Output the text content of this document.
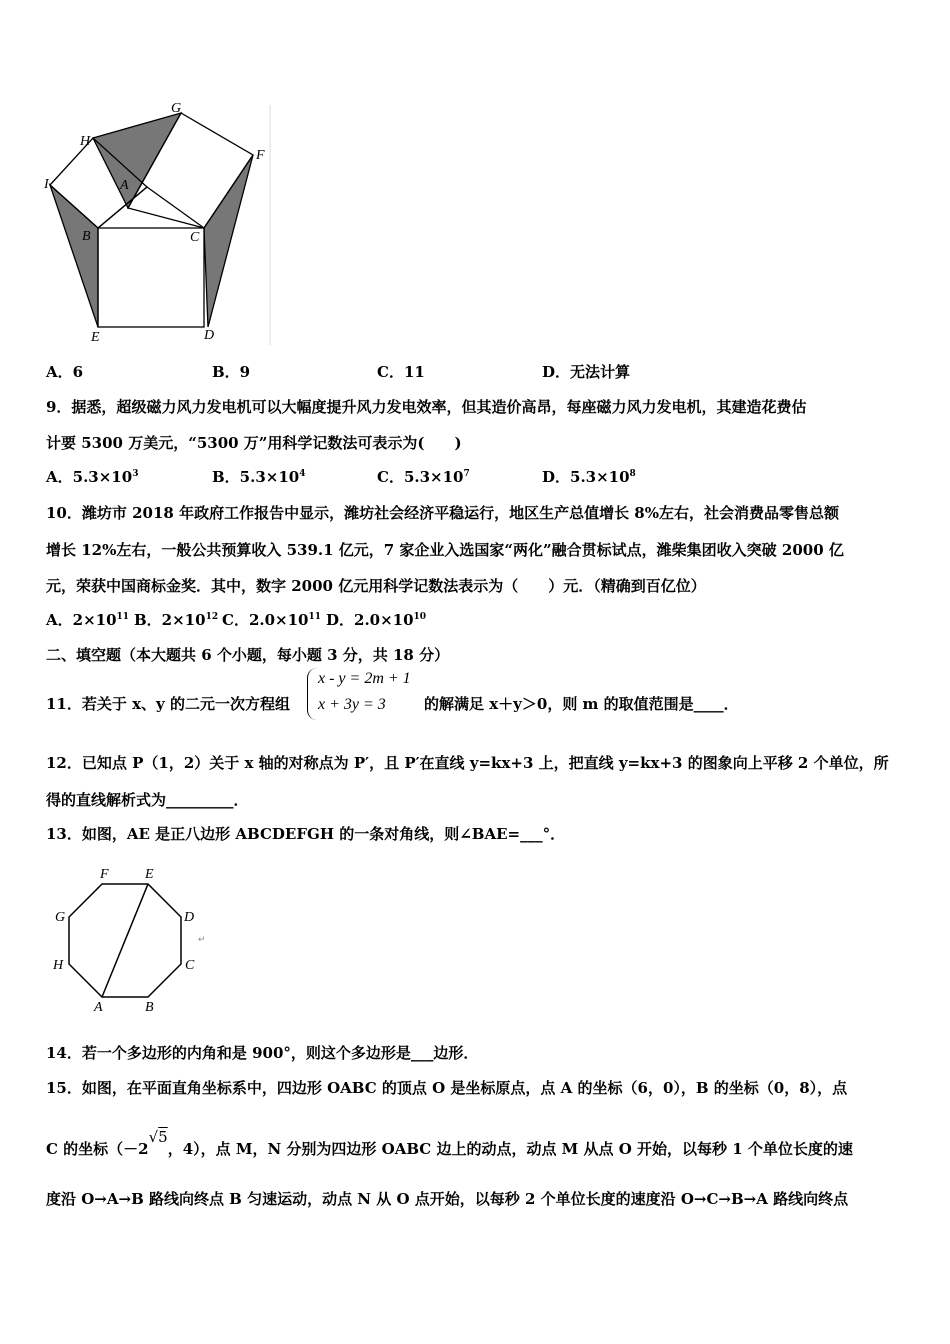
G
H
F
I	A
B	C
E	D
A．6	B．9	C．11	D．无法计算
9．据悉，超级磁力风力发电机可以大幅度提升风力发电效率，但其造价高昂，每座磁力风力发电机，其建造花费估
计要 5300 万美元，“5300 万”用科学记数法可表示为(　　)
A．$5.3\times 10^3$	B．$5.3\times 10^4$	C．$5.3\times 10^7$	D．$5.3\times 10^8$
10．潍坊市 2018 年政府工作报告中显示，潍坊社会经济平稳运行，地区生产总值增长 8%左右，社会消费品零售总额
增长 12%左右，一般公共预算收入 539.1 亿元，7 家企业入选国家“两化”融合贯标试点，潍柴集团收入突破 2000 亿
元，荣获中国商标金奖．其中，数字 2000 亿元用科学记数法表示为（　　）元．（精确到百亿位）
A．$2\times 10^{11}$ B．$2\times 10^{12}$ C．$2.0\times 10^{11}$ D．$2.0\times 10^{10}$
二、填空题（本大题共 6 个小题，每小题 3 分，共 18 分）
11．若关于 x、y 的二元一次方程组
x - y = 2m + 1
x + 3y = 3	的解满足 x＋y＞0，则 m 的取值范围是____．
12．已知点 P（1，2）关于 x 轴的对称点为 P′，且 P′在直线 y=kx+3 上，把直线 y=kx+3 的图象向上平移 2 个单位，所
得的直线解析式为_________．
13．如图，AE 是正八边形 ABCDEFGH 的一条对角线，则∠BAE=___°．
F	E
G	D
H	C
A	B
↵
14．若一个多边形的内角和是 900°，则这个多边形是___边形．
15．如图，在平面直角坐标系中，四边形 OABC 的顶点 O 是坐标原点，点 A 的坐标（6，0），B 的坐标（0，8），点
C 的坐标（－2√5，4），点 M，N 分别为四边形 OABC 边上的动点，动点 M 从点 O 开始，以每秒 1 个单位长度的速
度沿 O→A→B 路线向终点 B 匀速运动，动点 N 从 O 点开始，以每秒 2 个单位长度的速度沿 O→C→B→A 路线向终点
